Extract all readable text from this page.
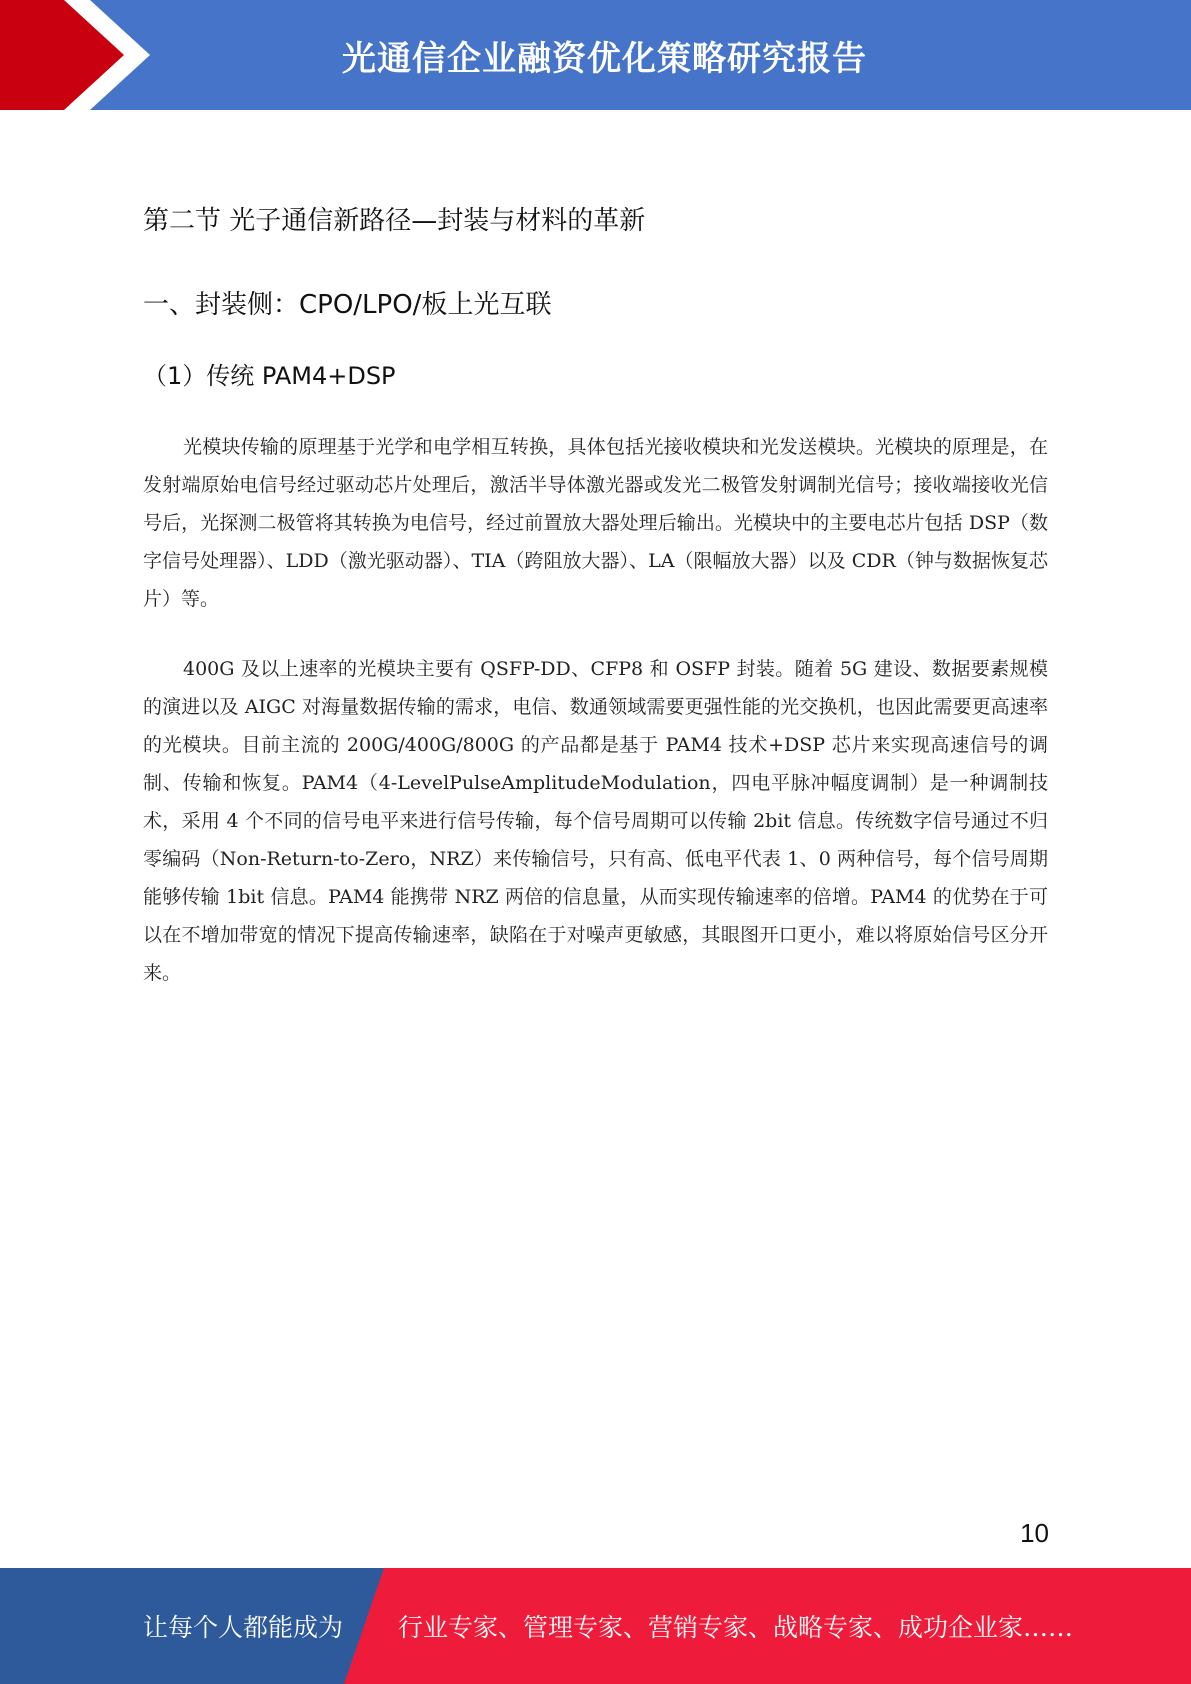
光通信企业融资优化策略研究报告
第二节 光子通信新路径—封装与材料的革新
一、封装侧：CPO/LPO/板上光互联
（1）传统 PAM4+DSP

光模块传输的原理基于光学和电学相互转换，具体包括光接收模块和光发送模块。光模块的原理是，在发射端原始电信号经过驱动芯片处理后，激活半导体激光器或发光二极管发射调制光信号；接收端接收光信号后，光探测二极管将其转换为电信号，经过前置放大器处理后输出。光模块中的主要电芯片包括 DSP（数字信号处理器）、LDD（激光驱动器）、TIA（跨阻放大器）、LA（限幅放大器）以及 CDR（钟与数据恢复芯片）等。

400G 及以上速率的光模块主要有 QSFP-DD、CFP8 和 OSFP 封装。随着 5G 建设、数据要素规模的演进以及 AIGC 对海量数据传输的需求，电信、数通领域需要更强性能的光交换机，也因此需要更高速率的光模块。目前主流的 200G/400G/800G 的产品都是基于 PAM4 技术+DSP 芯片来实现高速信号的调制、传输和恢复。PAM4（4-LevelPulseAmplitudeModulation，四电平脉冲幅度调制）是一种调制技术，采用 4 个不同的信号电平来进行信号传输，每个信号周期可以传输 2bit 信息。传统数字信号通过不归零编码（Non-Return-to-Zero，NRZ）来传输信号，只有高、低电平代表 1、0 两种信号，每个信号周期能够传输 1bit 信息。PAM4 能携带 NRZ 两倍的信息量，从而实现传输速率的倍增。PAM4 的优势在于可以在不增加带宽的情况下提高传输速率，缺陷在于对噪声更敏感，其眼图开口更小，难以将原始信号区分开来。

10
让每个人都能成为 行业专家、管理专家、营销专家、战略专家、成功企业家……
